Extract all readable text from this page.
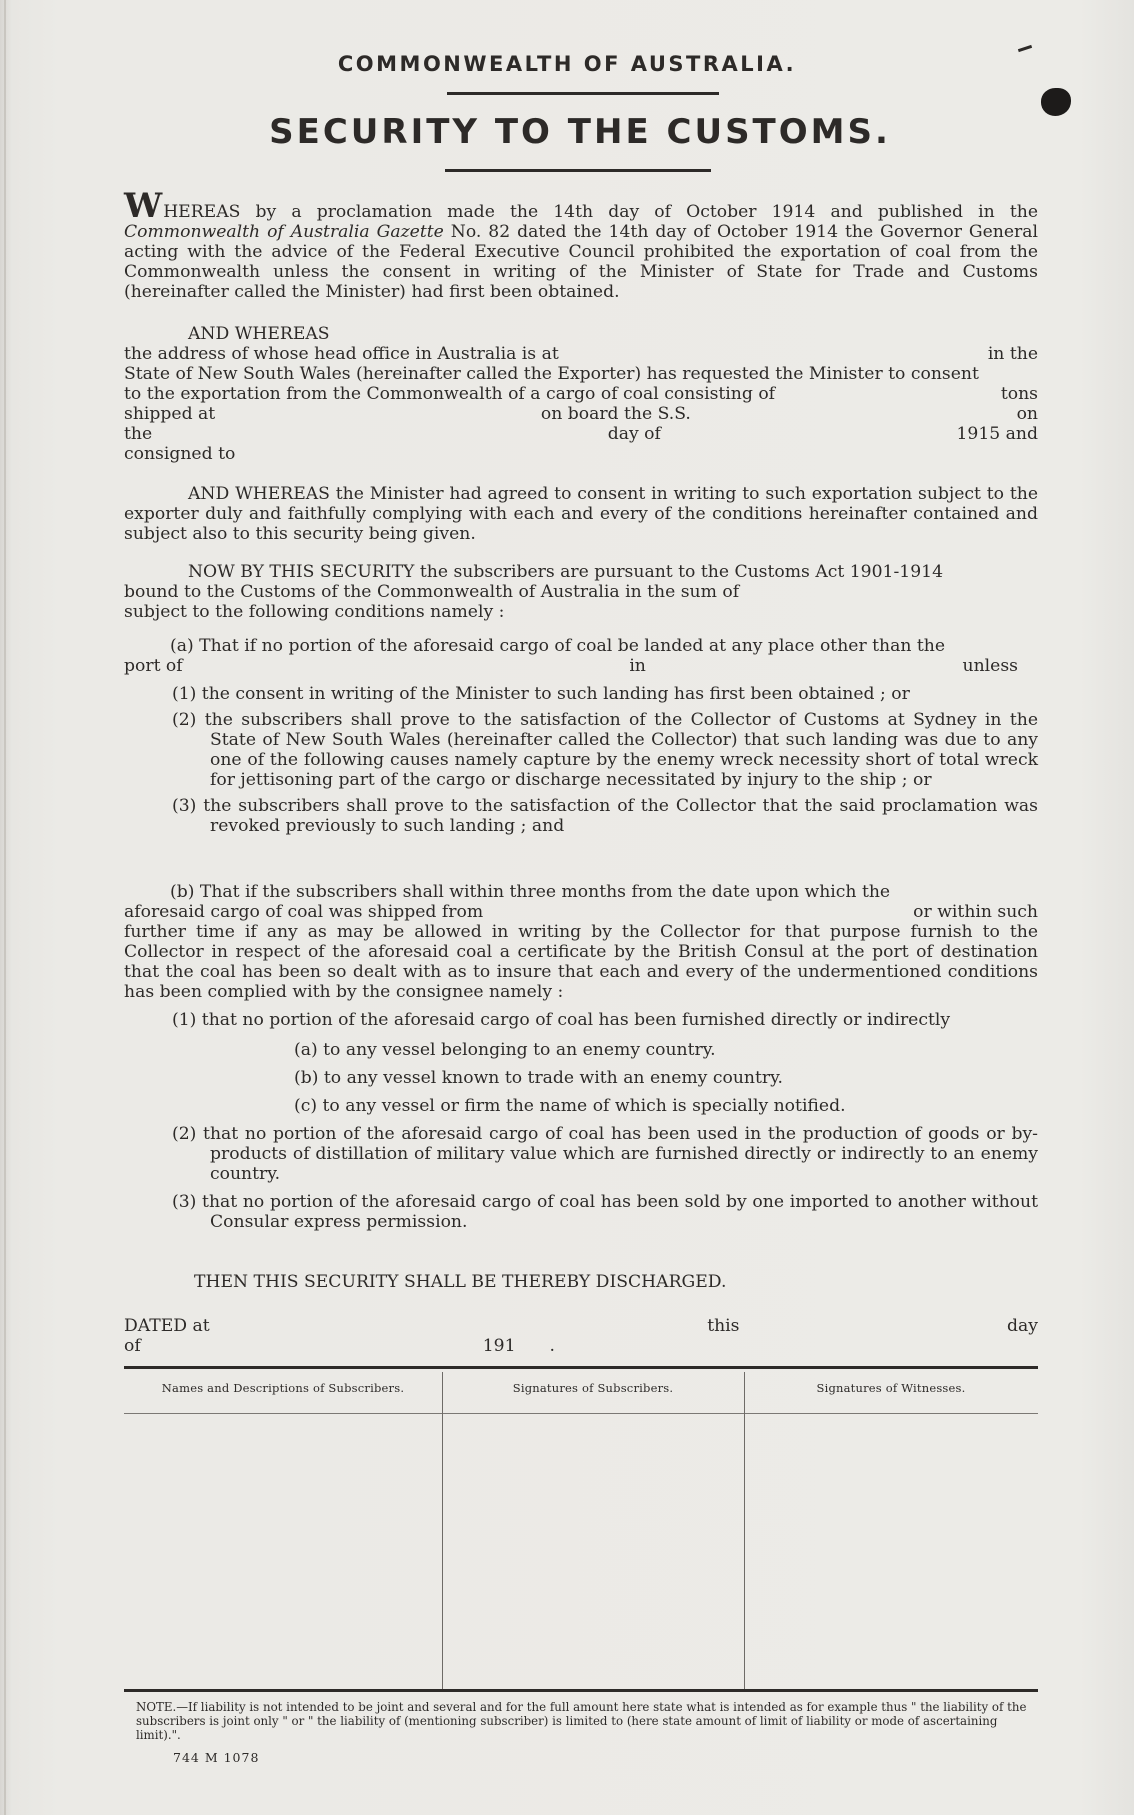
COMMONWEALTH OF AUSTRALIA.
SECURITY TO THE CUSTOMS.

WHEREAS by a proclamation made the 14th day of October 1914 and published in the Commonwealth of Australia Gazette No. 82 dated the 14th day of October 1914 the Governor General acting with the advice of the Federal Executive Council prohibited the exportation of coal from the Commonwealth unless the consent in writing of the Minister of State for Trade and Customs (hereinafter called the Minister) had first been obtained.

AND WHEREAS

the address of whose head office in Australia is at	in the

State of New South Wales (hereinafter called the Exporter) has requested the Minister to consent

to the exportation from the Commonwealth of a cargo of coal consisting of	tons
shipped at	on board the S.S.	on
the	day of	1915 and

consigned to

AND WHEREAS the Minister had agreed to consent in writing to such exportation subject to the exporter duly and faithfully complying with each and every of the conditions hereinafter contained and subject also to this security being given.

NOW BY THIS SECURITY the subscribers are pursuant to the Customs Act 1901-1914

bound to the Customs of the Commonwealth of Australia in the sum of

subject to the following conditions namely :

(a) That if no portion of the aforesaid cargo of coal be landed at any place other than the

port of	in	unless

(1) the consent in writing of the Minister to such landing has first been obtained ; or

(2) the subscribers shall prove to the satisfaction of the Collector of Customs at Sydney in the State of New South Wales (hereinafter called the Collector) that such landing was due to any one of the following causes namely capture by the enemy wreck necessity short of total wreck for jettisoning part of the cargo or discharge necessitated by injury to the ship ; or

(3) the subscribers shall prove to the satisfaction of the Collector that the said proclamation was revoked previously to such landing ; and

(b) That if the subscribers shall within three months from the date upon which the

aforesaid cargo of coal was shipped from	or within such

further time if any as may be allowed in writing by the Collector for that purpose furnish to the Collector in respect of the aforesaid coal a certificate by the British Consul at the port of destination that the coal has been so dealt with as to insure that each and every of the undermentioned conditions has been complied with by the consignee namely :

(1) that no portion of the aforesaid cargo of coal has been furnished directly or indirectly

(a) to any vessel belonging to an enemy country.

(b) to any vessel known to trade with an enemy country.

(c) to any vessel or firm the name of which is specially notified.

(2) that no portion of the aforesaid cargo of coal has been used in the production of goods or by-products of distillation of military value which are furnished directly or indirectly to an enemy country.

(3) that no portion of the aforesaid cargo of coal has been sold by one imported to another without Consular express permission.

THEN THIS SECURITY SHALL BE THEREBY DISCHARGED.

DATED at	this	day
of	191 .
Names and Descriptions of Subscribers.	Signatures of Subscribers.	Signatures of Witnesses.
NOTE.—If liability is not intended to be joint and several and for the full amount here state what is intended as for example thus " the liability of the subscribers is joint only " or " the liability of (mentioning subscriber) is limited to (here state amount of limit of liability or mode of ascertaining limit).".
744 M 1078
